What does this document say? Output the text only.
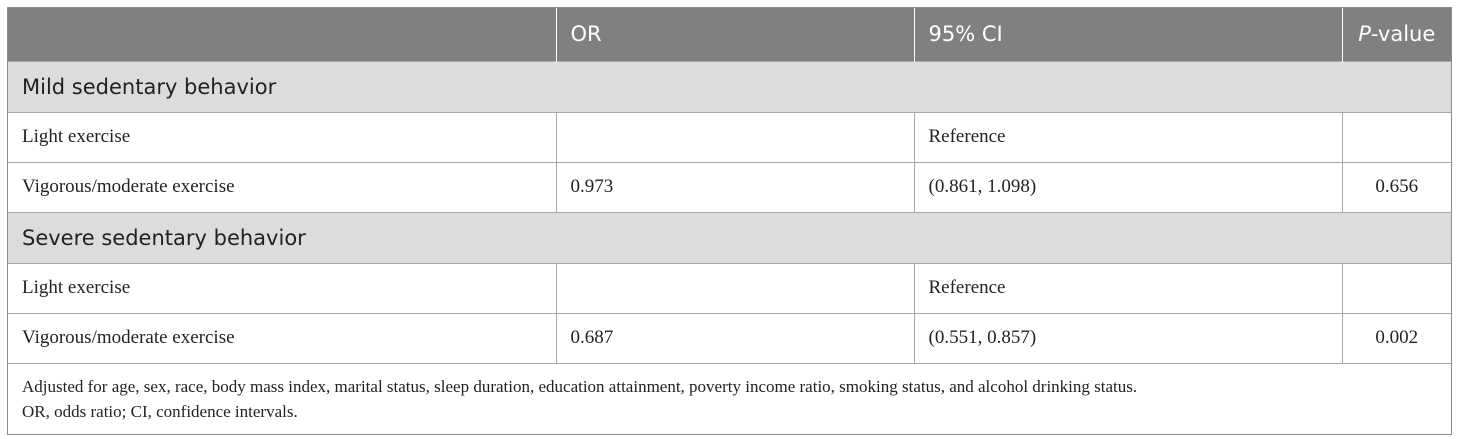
	OR	95% CI	P-value
Mild sedentary behavior			
Light exercise		Reference	
Vigorous/moderate exercise	0.973	(0.861, 1.098)	0.656
Severe sedentary behavior			
Light exercise		Reference	
Vigorous/moderate exercise	0.687	(0.551, 0.857)	0.002

Adjusted for age, sex, race, body mass index, marital status, sleep duration, education attainment, poverty income ratio, smoking status, and alcohol drinking status.
OR, odds ratio; CI, confidence intervals.			
